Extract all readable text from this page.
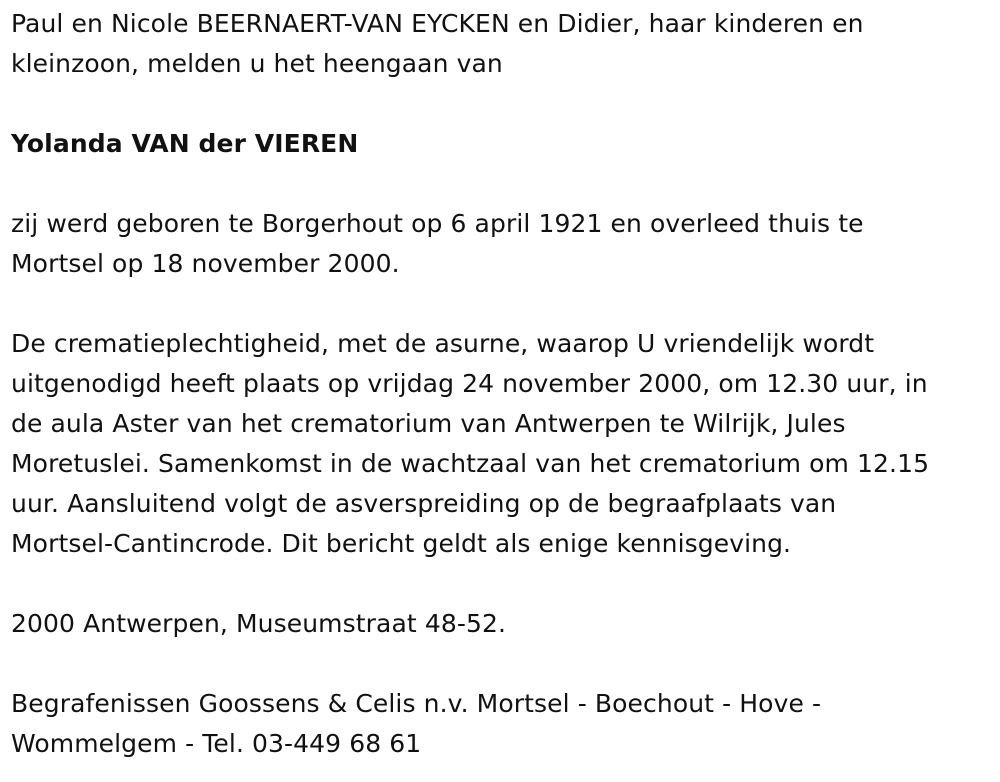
Paul en Nicole BEERNAERT-VAN EYCKEN en Didier, haar kinderen en
kleinzoon, melden u het heengaan van

Yolanda VAN der VIEREN

zij werd geboren te Borgerhout op 6 april 1921 en overleed thuis te
Mortsel op 18 november 2000.

De crematieplechtigheid, met de asurne, waarop U vriendelijk wordt
uitgenodigd heeft plaats op vrijdag 24 november 2000, om 12.30 uur, in
de aula Aster van het crematorium van Antwerpen te Wilrijk, Jules
Moretuslei. Samenkomst in de wachtzaal van het crematorium om 12.15
uur. Aansluitend volgt de asverspreiding op de begraafplaats van
Mortsel-Cantincrode. Dit bericht geldt als enige kennisgeving.

2000 Antwerpen, Museumstraat 48-52.

Begrafenissen Goossens & Celis n.v. Mortsel - Boechout - Hove -
Wommelgem - Tel. 03-449 68 61
